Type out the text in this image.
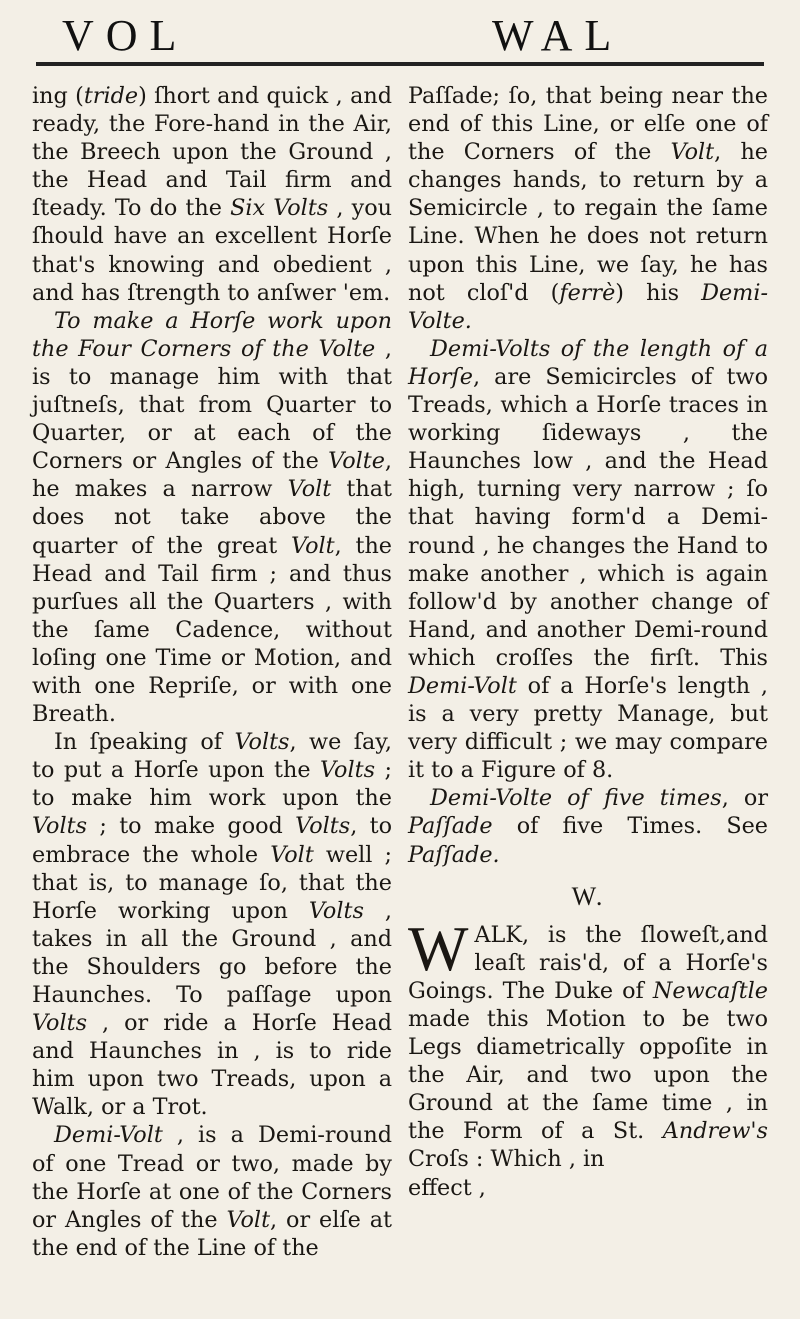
VOL	WAL

ing (tride) ſhort and quick , and ready, the Fore-hand in the Air, the Breech upon the Ground , the Head and Tail firm and ſteady. To do the Six Volts , you ſhould have an excellent Horſe that's knowing and obedient , and has ſtrength to anſwer 'em.

To make a Horſe work upon the Four Corners of the Volte , is to manage him with that juſtneſs, that from Quarter to Quarter, or at each of the Corners or Angles of the Volte, he makes a narrow Volt that does not take above the quarter of the great Volt, the Head and Tail firm ; and thus purſues all the Quarters , with the ſame Cadence, without loſing one Time or Motion, and with one Repriſe, or with one Breath.

In ſpeaking of Volts, we ſay, to put a Horſe upon the Volts ; to make him work upon the Volts ; to make good Volts, to embrace the whole Volt well ; that is, to manage ſo, that the Horſe working upon Volts , takes in all the Ground , and the Shoulders go before the Haunches. To paſſage upon Volts , or ride a Horſe Head and Haunches in , is to ride him upon two Treads, upon a Walk, or a Trot.

Demi-Volt , is a Demi-round of one Tread or two, made by the Horſe at one of the Corners or Angles of the Volt, or elſe at the end of the Line of the

Paſſade; ſo, that being near the end of this Line, or elſe one of the Corners of the Volt, he changes hands, to return by a Semicircle , to regain the ſame Line. When he does not return upon this Line, we ſay, he has not cloſ'd (ferrè) his Demi-Volte.

Demi-Volts of the length of a Horſe, are Semicircles of two Treads, which a Horſe traces in working ſideways , the Haunches low , and the Head high, turning very narrow ; ſo that having form'd a Demi-round , he changes the Hand to make another , which is again follow'd by another change of Hand, and another Demi-round which croſſes the firſt. This Demi-Volt of a Horſe's length , is a very pretty Manage, but very difficult ; we may compare it to a Figure of 8.

Demi-Volte of five times, or Paſſade of five Times. See Paſſade.

W.

WALK, is the ſloweſt,and leaſt rais'd, of a Horſe's Goings. The Duke of Newcaſtle made this Motion to be two Legs diametrically oppoſite in the Air, and two upon the Ground at the ſame time , in the Form of a St. Andrew's Croſs : Which , in

effect ,
